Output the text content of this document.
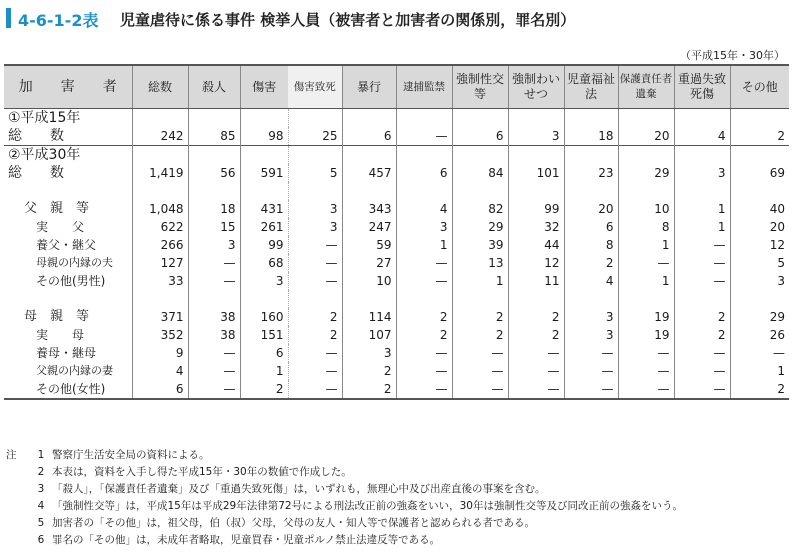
4-6-1-2表 児童虐待に係る事件 検挙人員（被害者と加害者の関係別，罪名別）
（平成15年・30年）
加　　害　　者	総数	殺人	傷害	傷害致死	暴行	逮捕監禁	強制性交等	強制わいせつ	児童福祉法	保護責任者遺棄	重過失致死傷	その他
①平成15年												
総　　数	242	85	98	25	6	—	6	3	18	20	4	2
②平成30年												
総　　数	1,419	56	591	5	457	6	84	101	23	29	3	69

父　親　等	1,048	18	431	3	343	4	82	99	20	10	1	40
実　　父	622	15	261	3	247	3	29	32	6	8	1	20
養父・継父	266	3	99	—	59	1	39	44	8	1	—	12
母親の内縁の夫	127	—	68	—	27	—	13	12	2	—	—	5
その他(男性)	33	—	3	—	10	—	1	11	4	1	—	3

母　親　等	371	38	160	2	114	2	2	2	3	19	2	29
実　　母	352	38	151	2	107	2	2	2	3	19	2	26
養母・継母	9	—	6	—	3	—	—	—	—	—	—	—
父親の内縁の妻	4	—	1	—	2	—	—	—	—	—	—	1
その他(女性)	6	—	2	—	2	—	—	—	—	—	—	2
注	1 警察庁生活安全局の資料による。
2 本表は，資料を入手し得た平成15年・30年の数値で作成した。
3 「殺人」，「保護責任者遺棄」及び「重過失致死傷」は，いずれも，無理心中及び出産直後の事案を含む。
4 「強制性交等」は，平成15年は平成29年法律第72号による刑法改正前の強姦をいい，30年は強制性交等及び同改正前の強姦をいう。
5 加害者の「その他」は，祖父母，伯（叔）父母，父母の友人・知人等で保護者と認められる者である。
6 罪名の「その他」は，未成年者略取，児童買春・児童ポルノ禁止法違反等である。
